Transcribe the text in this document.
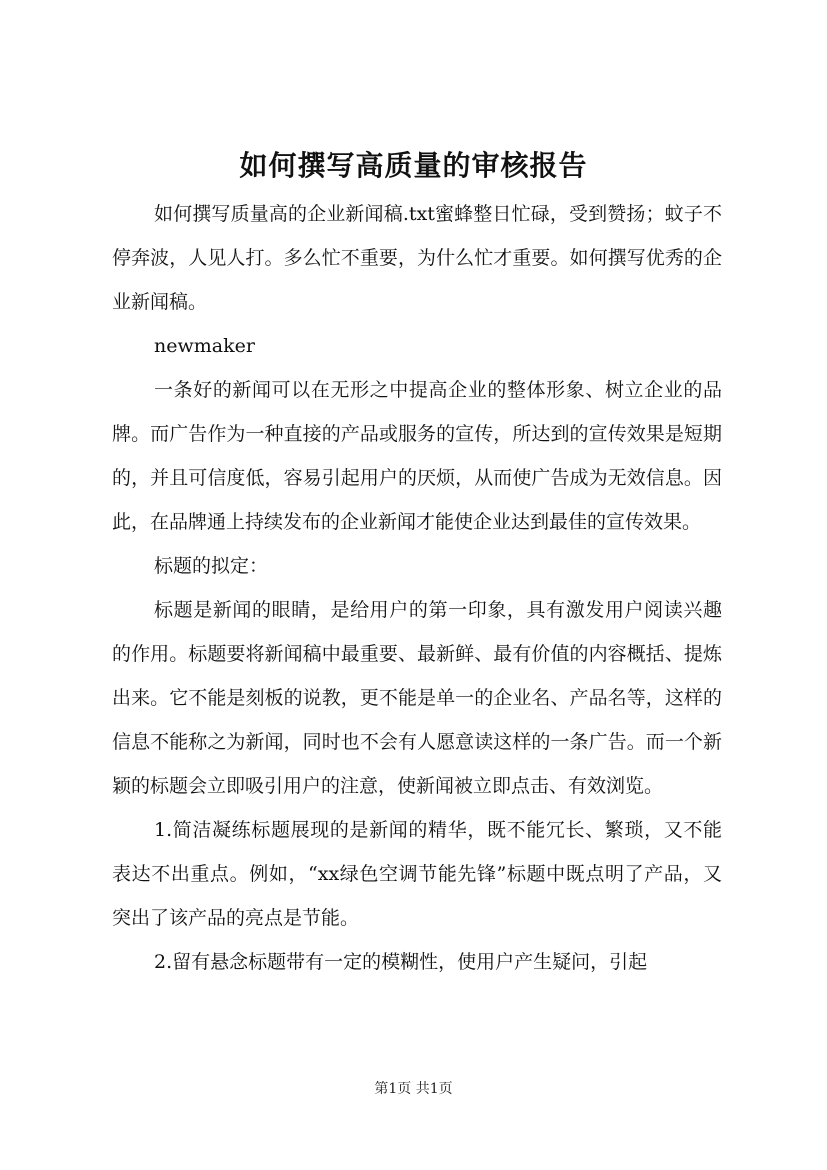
如何撰写高质量的审核报告

如何撰写质量高的企业新闻稿.txt蜜蜂整日忙碌，受到赞扬；蚊子不停奔波，人见人打。多么忙不重要，为什么忙才重要。如何撰写优秀的企业新闻稿。

newmaker

一条好的新闻可以在无形之中提高企业的整体形象、树立企业的品牌。而广告作为一种直接的产品或服务的宣传，所达到的宣传效果是短期的，并且可信度低，容易引起用户的厌烦，从而使广告成为无效信息。因此，在品牌通上持续发布的企业新闻才能使企业达到最佳的宣传效果。

标题的拟定：

标题是新闻的眼睛，是给用户的第一印象，具有激发用户阅读兴趣的作用。标题要将新闻稿中最重要、最新鲜、最有价值的内容概括、提炼出来。它不能是刻板的说教，更不能是单一的企业名、产品名等，这样的信息不能称之为新闻，同时也不会有人愿意读这样的一条广告。而一个新颖的标题会立即吸引用户的注意，使新闻被立即点击、有效浏览。

1.简洁凝练标题展现的是新闻的精华，既不能冗长、繁琐，又不能表达不出重点。例如，“xx绿色空调节能先锋”标题中既点明了产品，又突出了该产品的亮点是节能。

2.留有悬念标题带有一定的模糊性，使用户产生疑问，引起

第1页 共1页
